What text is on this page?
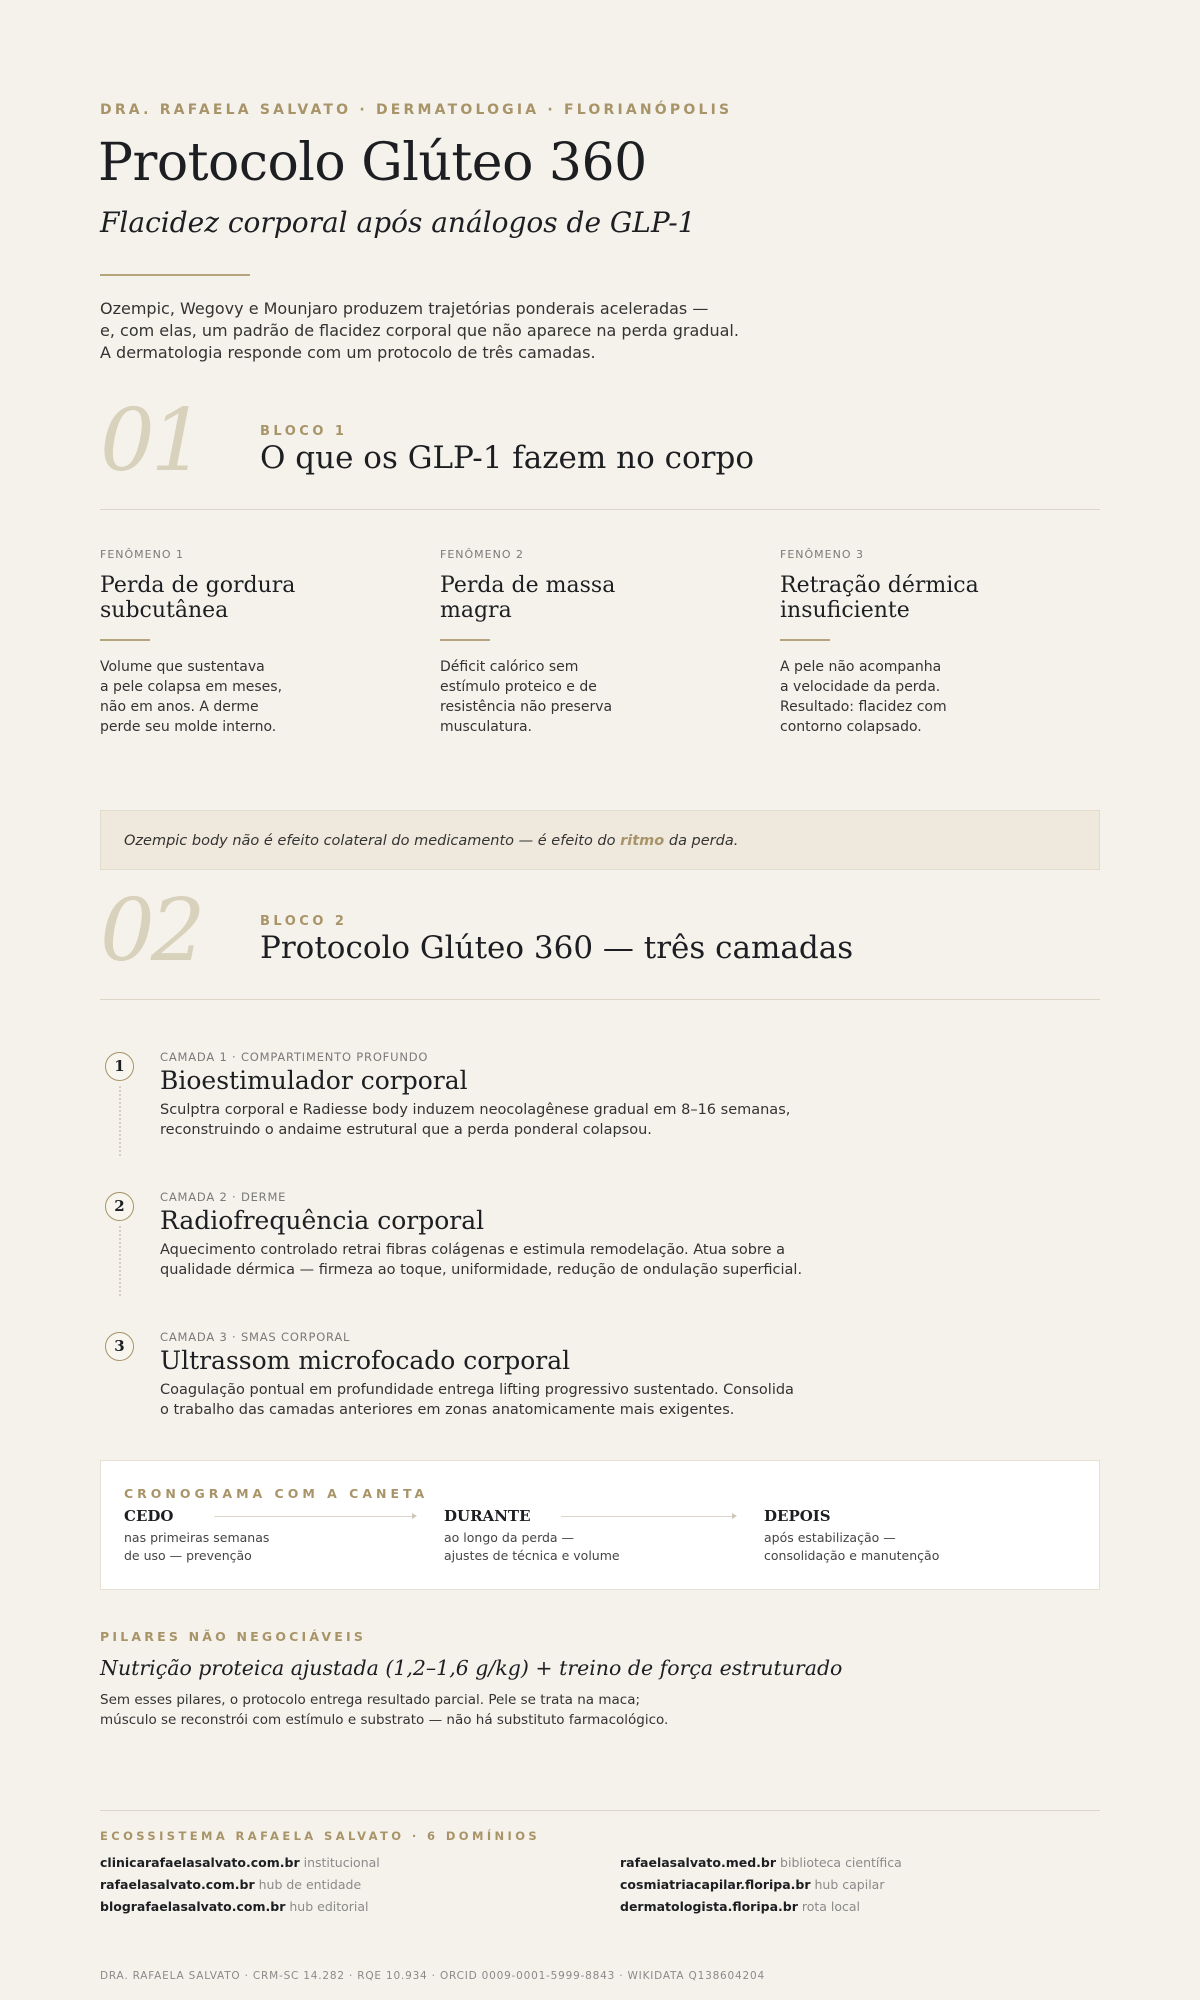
DRA. RAFAELA SALVATO · DERMATOLOGIA · FLORIANÓPOLIS
Protocolo Glúteo 360
Flacidez corporal após análogos de GLP-1
Ozempic, Wegovy e Mounjaro produzem trajetórias ponderais aceleradas —
e, com elas, um padrão de flacidez corporal que não aparece na perda gradual.
A dermatologia responde com um protocolo de três camadas.
01	BLOCO 1
O que os GLP-1 fazem no corpo
FENÔMENO 1
Perda de gordura
subcutânea
Volume que sustentava
a pele colapsa em meses,
não em anos. A derme
perde seu molde interno.
FENÔMENO 2
Perda de massa
magra
Déficit calórico sem
estímulo proteico e de
resistência não preserva
musculatura.
FENÔMENO 3
Retração dérmica
insuficiente
A pele não acompanha
a velocidade da perda.
Resultado: flacidez com
contorno colapsado.

Ozempic body não é efeito colateral do medicamento — é efeito do ritmo da perda.

02	BLOCO 2
Protocolo Glúteo 360 — três camadas
1	CAMADA 1 · COMPARTIMENTO PROFUNDO
Bioestimulador corporal
Sculptra corporal e Radiesse body induzem neocolagênese gradual em 8–16 semanas,
reconstruindo o andaime estrutural que a perda ponderal colapsou.
2	CAMADA 2 · DERME
Radiofrequência corporal
Aquecimento controlado retrai fibras colágenas e estimula remodelação. Atua sobre a
qualidade dérmica — firmeza ao toque, uniformidade, redução de ondulação superficial.
3	CAMADA 3 · SMAS CORPORAL
Ultrassom microfocado corporal
Coagulação pontual em profundidade entrega lifting progressivo sustentado. Consolida
o trabalho das camadas anteriores em zonas anatomicamente mais exigentes.
CRONOGRAMA COM A CANETA
CEDO

nas primeiras semanas
de uso — prevenção

DURANTE

ao longo da perda —
ajustes de técnica e volume

DEPOIS

após estabilização —
consolidação e manutenção

PILARES NÃO NEGOCIÁVEIS
Nutrição proteica ajustada (1,2–1,6 g/kg) + treino de força estruturado
Sem esses pilares, o protocolo entrega resultado parcial. Pele se trata na maca;
músculo se reconstrói com estímulo e substrato — não há substituto farmacológico.
ECOSSISTEMA RAFAELA SALVATO · 6 DOMÍNIOS
clinicarafaelasalvato.com.br institucional
rafaelasalvato.com.br hub de entidade
blografaelasalvato.com.br hub editorial
rafaelasalvato.med.br biblioteca científica
cosmiatriacapilar.floripa.br hub capilar
dermatologista.floripa.br rota local
DRA. RAFAELA SALVATO · CRM-SC 14.282 · RQE 10.934 · ORCID 0009-0001-5999-8843 · WIKIDATA Q138604204
